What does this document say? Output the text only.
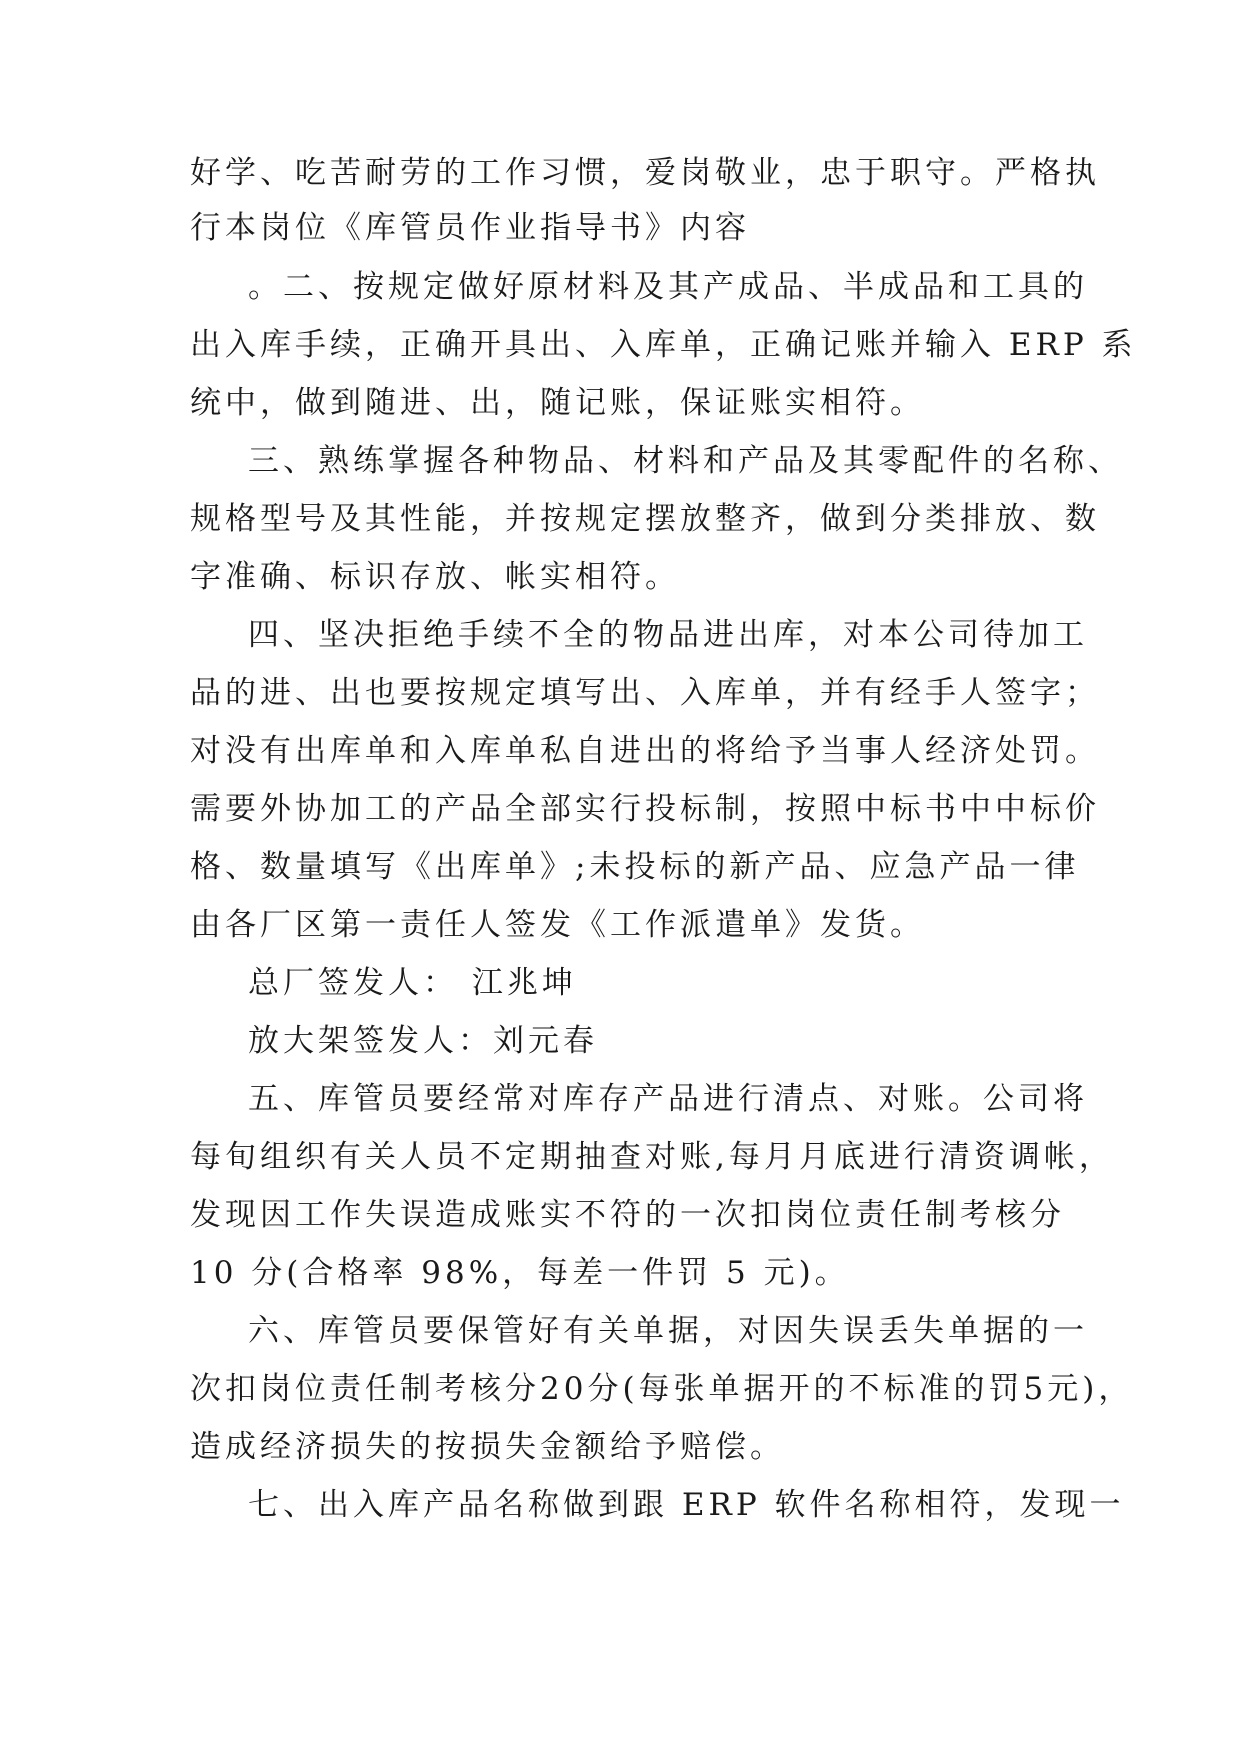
好学、吃苦耐劳的工作习惯，爱岗敬业，忠于职守。严格执
行本岗位《库管员作业指导书》内容
。二、按规定做好原材料及其产成品、半成品和工具的
出入库手续，正确开具出、入库单，正确记账并输入 ERP 系
统中，做到随进、出，随记账，保证账实相符。
三、熟练掌握各种物品、材料和产品及其零配件的名称、
规格型号及其性能，并按规定摆放整齐，做到分类排放、数
字准确、标识存放、帐实相符。
四、坚决拒绝手续不全的物品进出库，对本公司待加工
品的进、出也要按规定填写出、入库单，并有经手人签字；
对没有出库单和入库单私自进出的将给予当事人经济处罚。
需要外协加工的产品全部实行投标制，按照中标书中中标价
格、数量填写《出库单》;未投标的新产品、应急产品一律
由各厂区第一责任人签发《工作派遣单》发货。
总厂签发人： 江兆坤
放大架签发人：刘元春
五、库管员要经常对库存产品进行清点、对账。公司将
每旬组织有关人员不定期抽查对账,每月月底进行清资调帐，
发现因工作失误造成账实不符的一次扣岗位责任制考核分
10 分(合格率 98%，每差一件罚 5 元)。
六、库管员要保管好有关单据，对因失误丢失单据的一
次扣岗位责任制考核分20分(每张单据开的不标准的罚5元)，
造成经济损失的按损失金额给予赔偿。
七、出入库产品名称做到跟 ERP 软件名称相符，发现一
